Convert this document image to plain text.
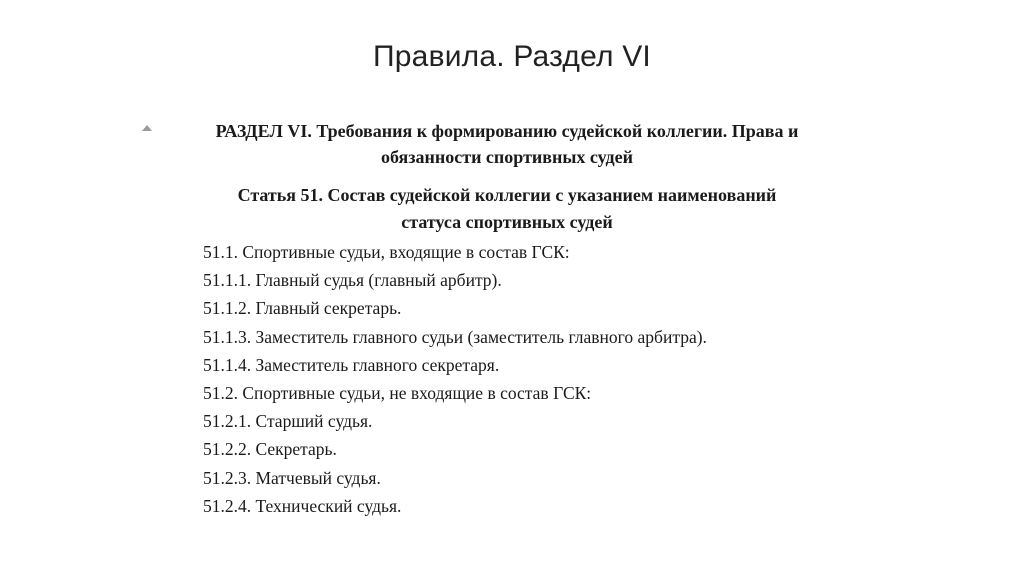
Правила. Раздел VI
РАЗДЕЛ VI. Требования к формированию судейской коллегии. Права и
обязанности спортивных судей
Статья 51. Состав судейской коллегии с указанием наименований
статуса спортивных судей
51.1. Спортивные судьи, входящие в состав ГСК:
51.1.1. Главный судья (главный арбитр).
51.1.2. Главный секретарь.
51.1.3. Заместитель главного судьи (заместитель главного арбитра).
51.1.4. Заместитель главного секретаря.
51.2. Спортивные судьи, не входящие в состав ГСК:
51.2.1. Старший судья.
51.2.2. Секретарь.
51.2.3. Матчевый судья.
51.2.4. Технический судья.
